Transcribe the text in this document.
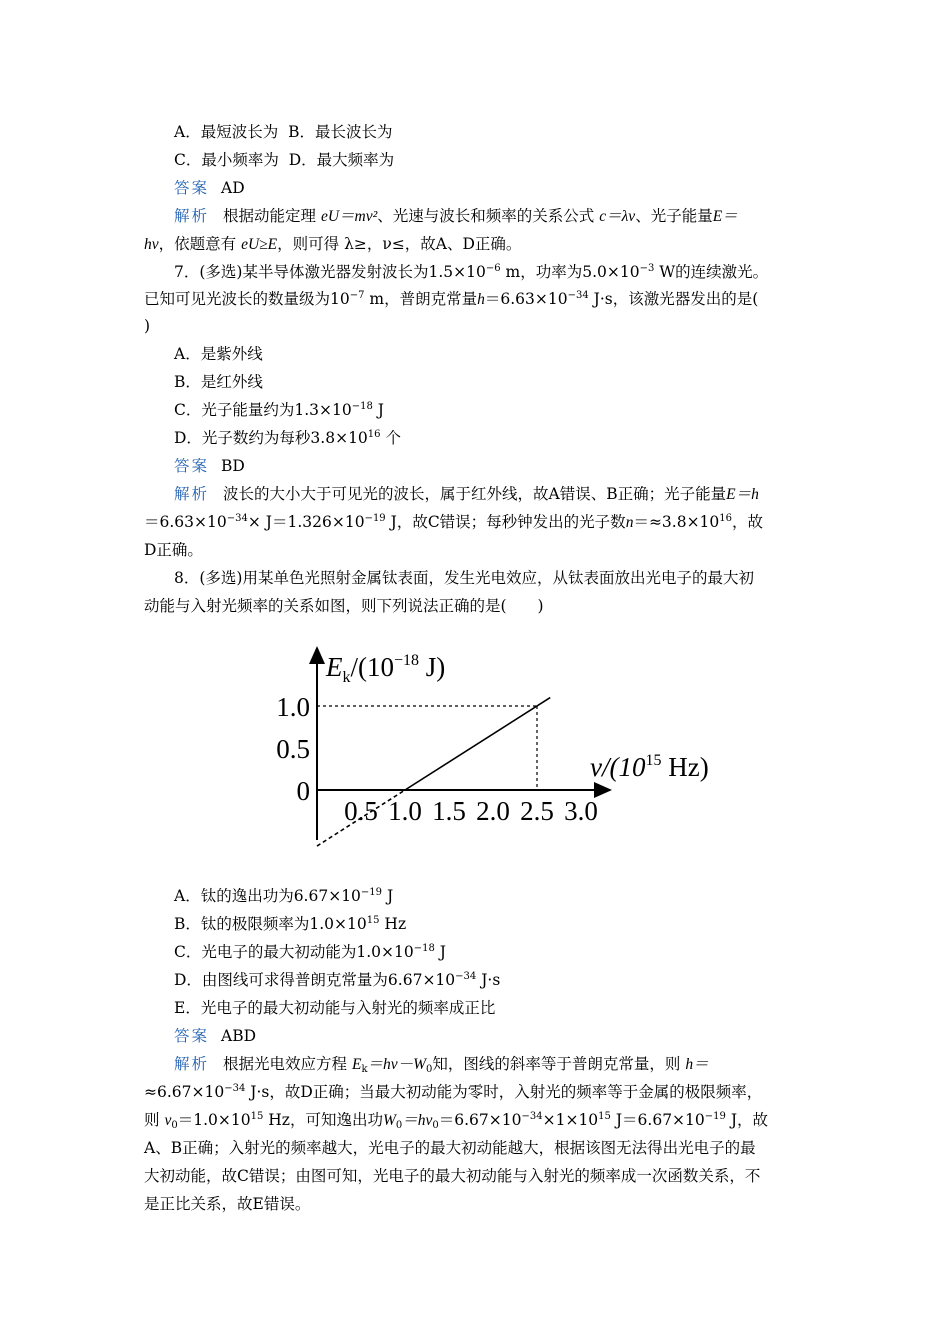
A．最短波长为 B．最长波长为
C．最小频率为 D．最大频率为
答案 AD
解析 根据动能定理 eU＝mv²、光速与波长和频率的关系公式 c＝λν、光子能量E＝
hν，依题意有 eU≥E，则可得 λ≥，ν≤，故A、D正确。
7．(多选)某半导体激光器发射波长为$1.5\times 10^{-6}$ m，功率为$5.0\times 10^{-3}$ W的连续激光。
已知可见光波长的数量级为$10^{-7}$ m，普朗克常量$h=6.63\times 10^{-34}$ J·s，该激光器发出的是(
)
A．是紫外线
B．是红外线
C．光子能量约为$1.3\times 10^{-18}$ J
D．光子数约为每秒$3.8\times 10^{16}$ 个
答案 BD
解析 波长的大小大于可见光的波长，属于红外线，故A错误、B正确；光子能量E＝h
$=6.63\times 10^{-34}\times J=1.326\times 10^{-19}$ J，故C错误；每秒钟发出的光子数$n=\approx 3.8\times 10^{16}$，故
D正确。
8．(多选)用某单色光照射金属钛表面，发生光电效应，从钛表面放出光电子的最大初
动能与入射光频率的关系如图，则下列说法正确的是(　　)
0.5 1.0 1.5 2.0 2.5 3.0
1.0
0.5
0
$E_k/(10^{-18}$ J)
$\nu/(10^{15}$ Hz)
A．钛的逸出功为$6.67\times 10^{-19}$ J
B．钛的极限频率为$1.0\times 10^{15}$ Hz
C．光电子的最大初动能为$1.0\times 10^{-18}$ J
D．由图线可求得普朗克常量为$6.67\times 10^{-34}$ J·s
E．光电子的最大初动能与入射光的频率成正比
答案 ABD
解析 根据光电效应方程 $E_k=h\nu-W_0$知，图线的斜率等于普朗克常量，则 h＝
$\approx 6.67\times 10^{-34}$ J·s，故D正确；当最大初动能为零时，入射光的频率等于金属的极限频率，
则 $\nu_0=1.0\times 10^{15}$ Hz，可知逸出功$W_0=h\nu_0=6.67\times 10^{-34}\times 1\times 10^{15}$ $J=6.67\times 10^{-19}$ J，故
A、B正确；入射光的频率越大，光电子的最大初动能越大，根据该图无法得出光电子的最
大初动能，故C错误；由图可知，光电子的最大初动能与入射光的频率成一次函数关系，不
是正比关系，故E错误。
